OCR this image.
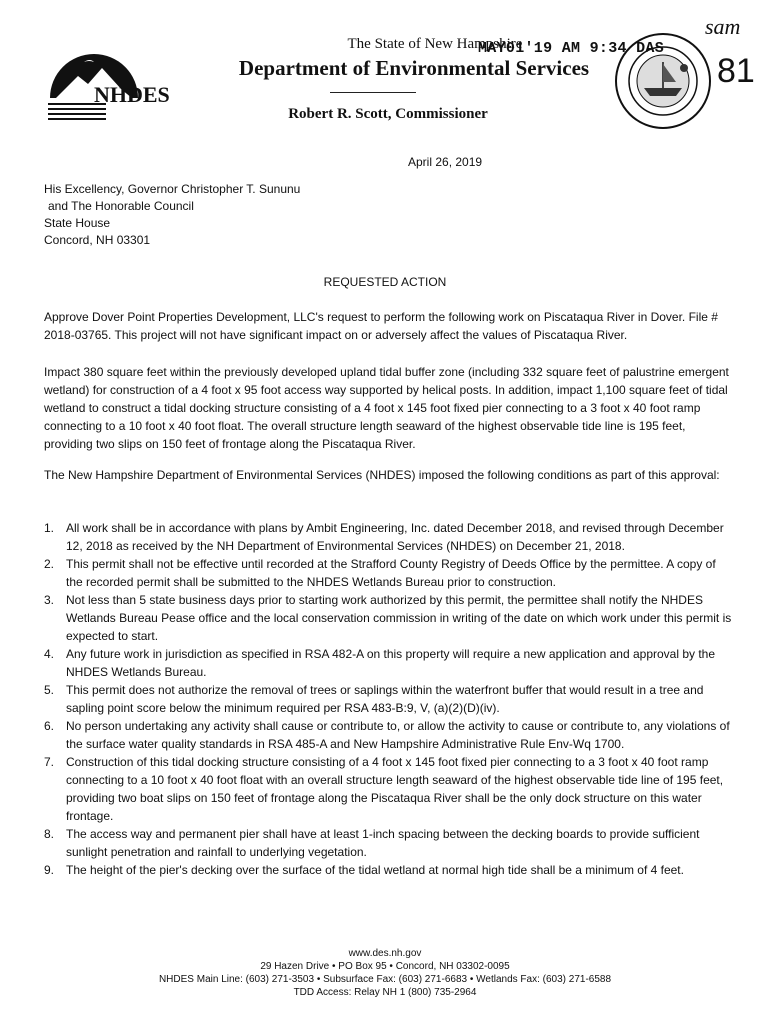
NHDES
The State of New Hampshire
MAY01'19 AM 9:34 DAS
Department of Environmental Services
Robert R. Scott, Commissioner
sam
81
April 26, 2019
His Excellency, Governor Christopher T. Sununu
and The Honorable Council
State House
Concord, NH 03301
REQUESTED ACTION
Approve Dover Point Properties Development, LLC's request to perform the following work on Piscataqua River in Dover. File # 2018-03765. This project will not have significant impact on or adversely affect the values of Piscataqua River.
Impact 380 square feet within the previously developed upland tidal buffer zone (including 332 square feet of palustrine emergent wetland) for construction of a 4 foot x 95 foot access way supported by helical posts. In addition, impact 1,100 square feet of tidal wetland to construct a tidal docking structure consisting of a 4 foot x 145 foot fixed pier connecting to a 3 foot x 40 foot ramp connecting to a 10 foot x 40 foot float. The overall structure length seaward of the highest observable tide line is 195 feet, providing two slips on 150 feet of frontage along the Piscataqua River.
The New Hampshire Department of Environmental Services (NHDES) imposed the following conditions as part of this approval:
1. All work shall be in accordance with plans by Ambit Engineering, Inc. dated December 2018, and revised through December 12, 2018 as received by the NH Department of Environmental Services (NHDES) on December 21, 2018.
2. This permit shall not be effective until recorded at the Strafford County Registry of Deeds Office by the permittee. A copy of the recorded permit shall be submitted to the NHDES Wetlands Bureau prior to construction.
3. Not less than 5 state business days prior to starting work authorized by this permit, the permittee shall notify the NHDES Wetlands Bureau Pease office and the local conservation commission in writing of the date on which work under this permit is expected to start.
4. Any future work in jurisdiction as specified in RSA 482-A on this property will require a new application and approval by the NHDES Wetlands Bureau.
5. This permit does not authorize the removal of trees or saplings within the waterfront buffer that would result in a tree and sapling point score below the minimum required per RSA 483-B:9, V, (a)(2)(D)(iv).
6. No person undertaking any activity shall cause or contribute to, or allow the activity to cause or contribute to, any violations of the surface water quality standards in RSA 485-A and New Hampshire Administrative Rule Env-Wq 1700.
7. Construction of this tidal docking structure consisting of a 4 foot x 145 foot fixed pier connecting to a 3 foot x 40 foot ramp connecting to a 10 foot x 40 foot float with an overall structure length seaward of the highest observable tide line of 195 feet, providing two boat slips on 150 feet of frontage along the Piscataqua River shall be the only dock structure on this water frontage.
8. The access way and permanent pier shall have at least 1-inch spacing between the decking boards to provide sufficient sunlight penetration and rainfall to underlying vegetation.
9. The height of the pier's decking over the surface of the tidal wetland at normal high tide shall be a minimum of 4 feet.
www.des.nh.gov
29 Hazen Drive • PO Box 95 • Concord, NH 03302-0095
NHDES Main Line: (603) 271-3503 • Subsurface Fax: (603) 271-6683 • Wetlands Fax: (603) 271-6588
TDD Access: Relay NH 1 (800) 735-2964
